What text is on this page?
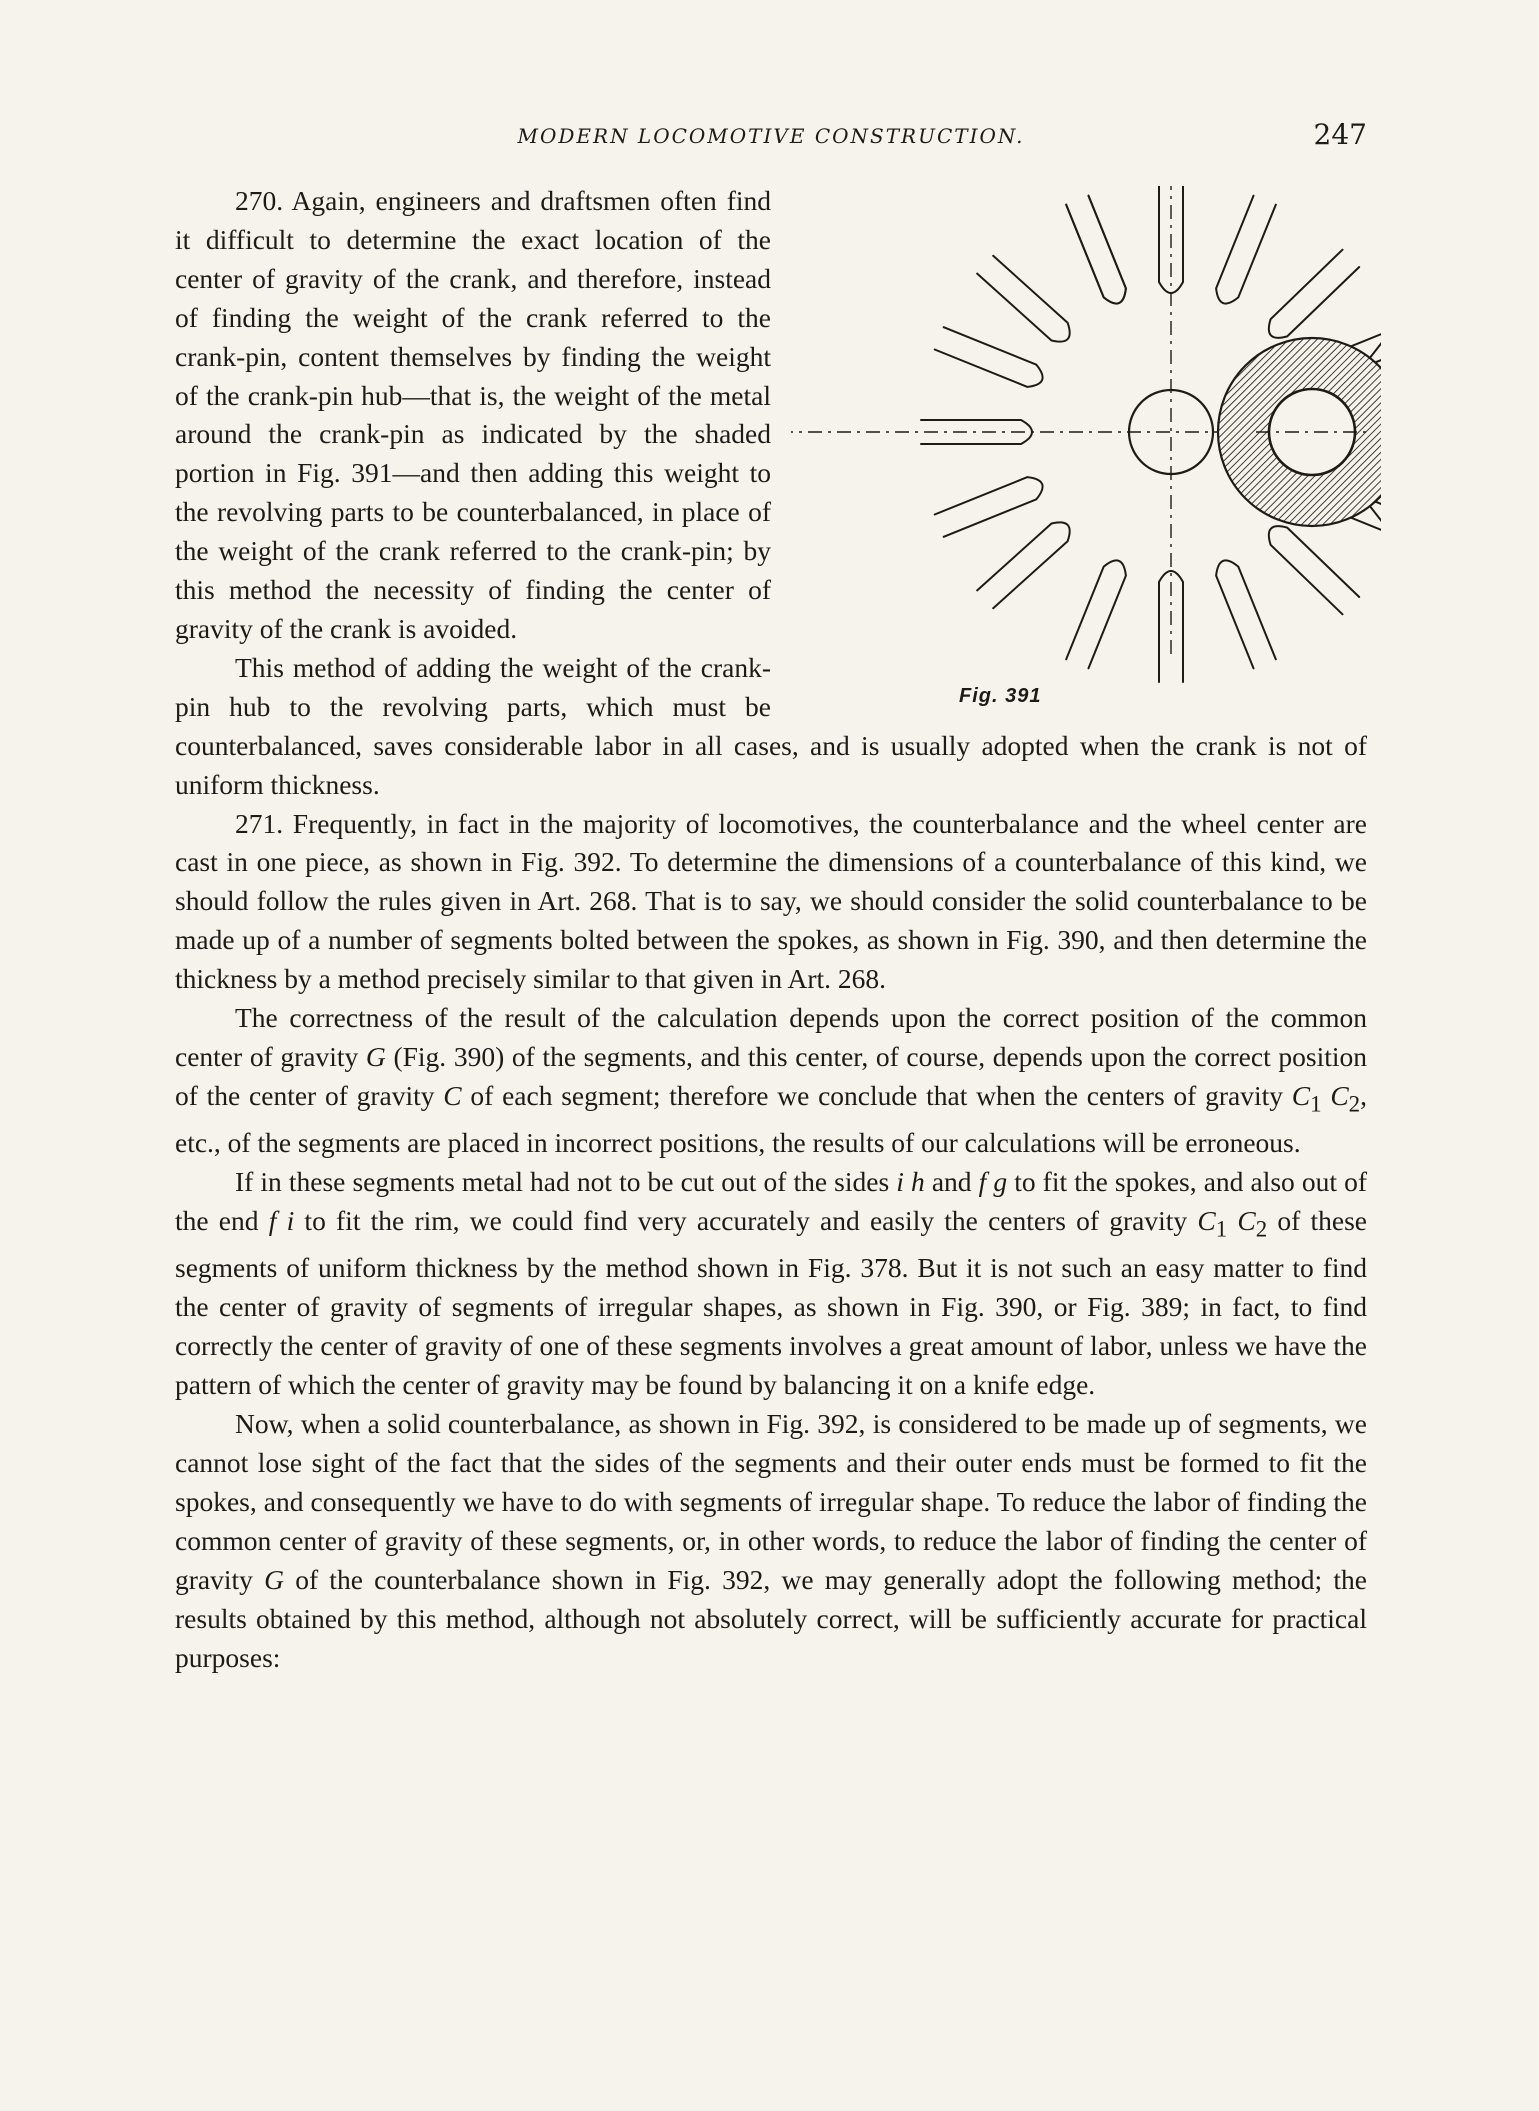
MODERN LOCOMOTIVE CONSTRUCTION.	247

Fig. 391
270. Again, engineers and draftsmen often find it difficult to determine the exact location of the center of gravity of the crank, and therefore, instead of finding the weight of the crank referred to the crank-pin, content themselves by finding the weight of the crank-pin hub—that is, the weight of the metal around the crank-pin as indicated by the shaded portion in Fig. 391—and then adding this weight to the revolving parts to be counterbalanced, in place of the weight of the crank referred to the crank-pin; by this method the necessity of finding the center of gravity of the crank is avoided.

This method of adding the weight of the crank-pin hub to the revolving parts, which must be counterbalanced, saves considerable labor in all cases, and is usually adopted when the crank is not of uniform thickness.

271. Frequently, in fact in the majority of locomotives, the counterbalance and the wheel center are cast in one piece, as shown in Fig. 392. To determine the dimensions of a counterbalance of this kind, we should follow the rules given in Art. 268. That is to say, we should consider the solid counterbalance to be made up of a number of segments bolted between the spokes, as shown in Fig. 390, and then determine the thickness by a method precisely similar to that given in Art. 268.

The correctness of the result of the calculation depends upon the correct position of the common center of gravity G (Fig. 390) of the segments, and this center, of course, depends upon the correct position of the center of gravity C of each segment; therefore we conclude that when the centers of gravity $C_1$ $C_2$, etc., of the segments are placed in incorrect positions, the results of our calculations will be erroneous.

If in these segments metal had not to be cut out of the sides i h and f g to fit the spokes, and also out of the end f i to fit the rim, we could find very accurately and easily the centers of gravity $C_1$ $C_2$ of these segments of uniform thickness by the method shown in Fig. 378. But it is not such an easy matter to find the center of gravity of segments of irregular shapes, as shown in Fig. 390, or Fig. 389; in fact, to find correctly the center of gravity of one of these segments involves a great amount of labor, unless we have the pattern of which the center of gravity may be found by balancing it on a knife edge.

Now, when a solid counterbalance, as shown in Fig. 392, is considered to be made up of segments, we cannot lose sight of the fact that the sides of the segments and their outer ends must be formed to fit the spokes, and consequently we have to do with segments of irregular shape. To reduce the labor of finding the common center of gravity of these segments, or, in other words, to reduce the labor of finding the center of gravity G of the counterbalance shown in Fig. 392, we may generally adopt the following method; the results obtained by this method, although not absolutely correct, will be sufficiently accurate for practical purposes:
